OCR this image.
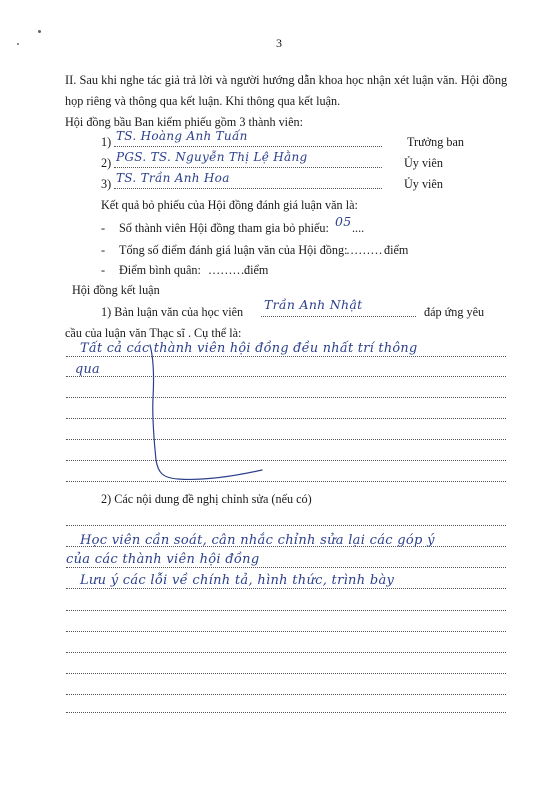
3
II. Sau khi nghe tác giả trả lời và người hướng dẫn khoa học nhận xét luận văn. Hội đồng
họp riêng và thông qua kết luận. Khi thông qua kết luận.
Hội đồng bầu Ban kiểm phiếu gồm 3 thành viên:
1) TS. Hoàng Anh Tuấn	Trưởng ban
2) PGS. TS. Nguyễn Thị Lệ Hằng	Ủy viên
3) TS. Trần Anh Hoa	Ủy viên
Kết quả bỏ phiếu của Hội đồng đánh giá luận văn là:
- Số thành viên Hội đồng tham gia bỏ phiếu: 05 ....
- Tổng số điểm đánh giá luận văn của Hội đồng:
……… điểm
- Điểm bình quân: ……….
điểm
Hội đồng kết luận
1) Bản luận văn của học viên Trần Anh Nhật	đáp ứng yêu
cầu của luận văn Thạc sĩ . Cụ thể là:
Tất cả các thành viên hội đồng đều nhất trí thông
qua
2) Các nội dung đề nghị chỉnh sửa (nếu có)
Học viên cần soát, cân nhắc chỉnh sửa lại các góp ý
của các thành viên hội đồng
Lưu ý các lỗi về chính tả, hình thức, trình bày
